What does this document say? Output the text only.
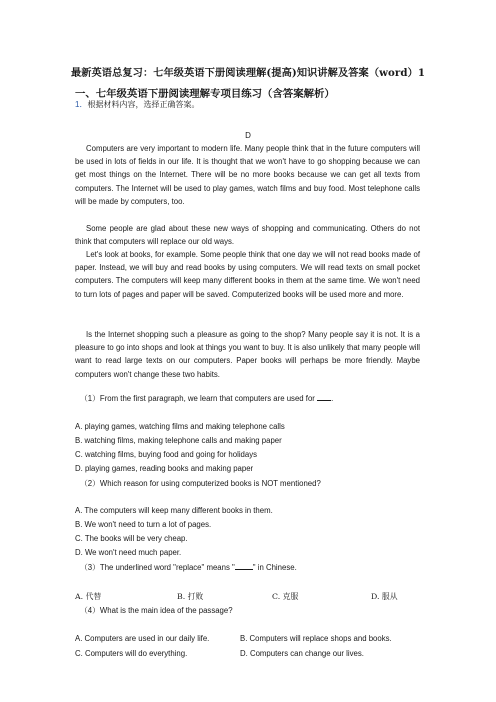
最新英语总复习：七年级英语下册阅读理解(提高)知识讲解及答案（word）1
一、七年级英语下册阅读理解专项目练习（含答案解析）
1．根据材料内容，选择正确答案。
D

Computers are very important to modern life. Many people think that in the future computers will be used in lots of fields in our life. It is thought that we won't have to go shopping because we can get most things on the Internet. There will be no more books because we can get all texts from computers. The Internet will be used to play games, watch films and buy food. Most telephone calls will be made by computers, too.

Some people are glad about these new ways of shopping and communicating. Others do not think that computers will replace our old ways.

Let's look at books, for example. Some people think that one day we will not read books made of paper. Instead, we will buy and read books by using computers. We will read texts on small pocket computers. The computers will keep many different books in them at the same time. We won't need to turn lots of pages and paper will be saved. Computerized books will be used more and more.

Is the Internet shopping such a pleasure as going to the shop? Many people say it is not. It is a pleasure to go into shops and look at things you want to buy. It is also unlikely that many people will want to read large texts on our computers. Paper books will perhaps be more friendly. Maybe computers won't change these two habits.

（1）From the first paragraph, we learn that computers are used for .
A. playing games, watching films and making telephone calls
B. watching films, making telephone calls and making paper
C. watching films, buying food and going for holidays
D. playing games, reading books and making paper
（2）Which reason for using computerized books is NOT mentioned?
A. The computers will keep many different books in them.
B. We won't need to turn a lot of pages.
C. The books will be very cheap.
D. We won't need much paper.
（3）The underlined word "replace" means " " in Chinese.
A. 代替	B. 打败	C. 克服	D. 服从
（4）What is the main idea of the passage?
A. Computers are used in our daily life.	B. Computers will replace shops and books.
C. Computers will do everything.	D. Computers can change our lives.
